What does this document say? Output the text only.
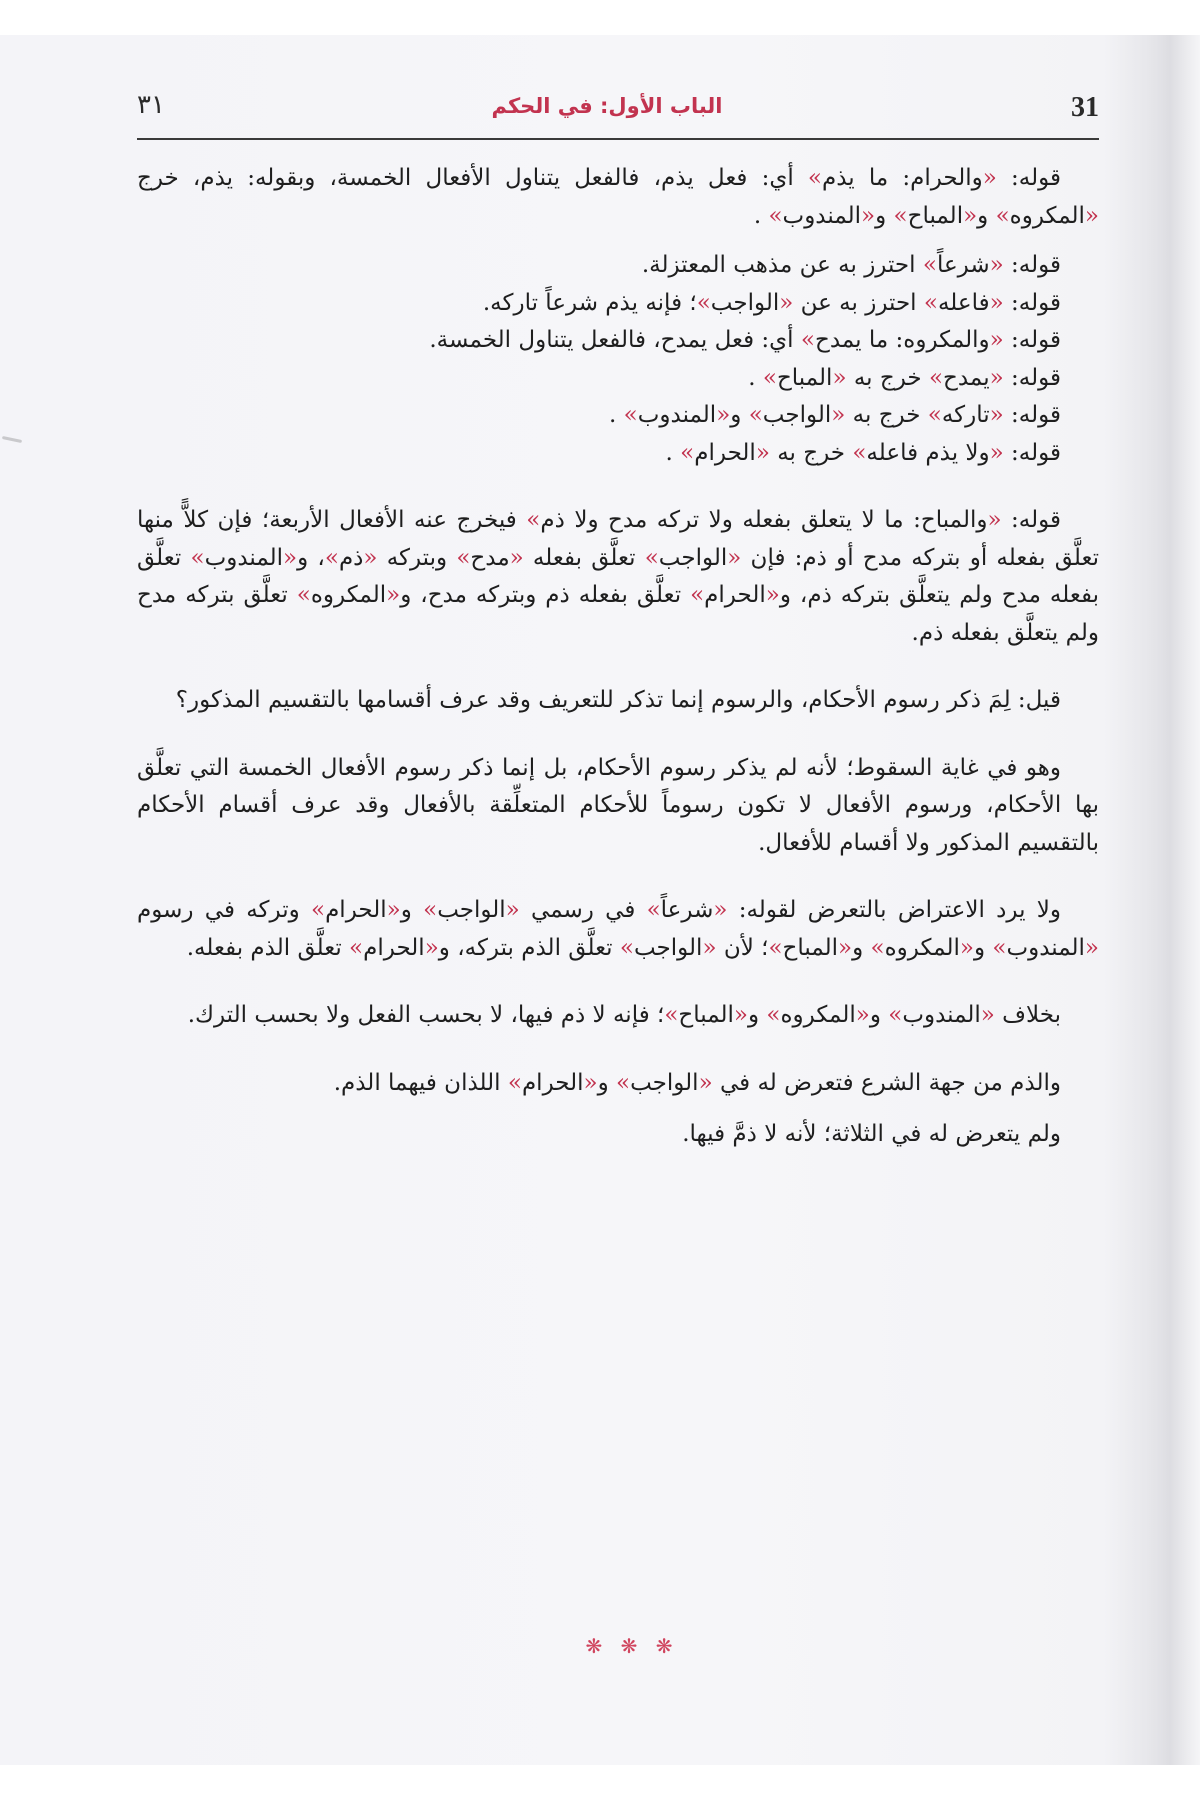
31
الباب الأول: في الحكم
٣١

قوله: «والحرام: ما يذم» أي: فعل يذم، فالفعل يتناول الأفعال الخمسة، وبقوله: يذم، خرج «المكروه» و«المباح» و«المندوب» .

قوله: «شرعاً» احترز به عن مذهب المعتزلة.

قوله: «فاعله» احترز به عن «الواجب»؛ فإنه يذم شرعاً تاركه.

قوله: «والمكروه: ما يمدح» أي: فعل يمدح، فالفعل يتناول الخمسة.

قوله: «يمدح» خرج به «المباح» .

قوله: «تاركه» خرج به «الواجب» و«المندوب» .

قوله: «ولا يذم فاعله» خرج به «الحرام» .

قوله: «والمباح: ما لا يتعلق بفعله ولا تركه مدح ولا ذم» فيخرج عنه الأفعال الأربعة؛ فإن كلاًّ منها تعلَّق بفعله أو بتركه مدح أو ذم: فإن «الواجب» تعلَّق بفعله «مدح» وبتركه «ذم»، و«المندوب» تعلَّق بفعله مدح ولم يتعلَّق بتركه ذم، و«الحرام» تعلَّق بفعله ذم وبتركه مدح، و«المكروه» تعلَّق بتركه مدح ولم يتعلَّق بفعله ذم.

قيل: لِمَ ذكر رسوم الأحكام، والرسوم إنما تذكر للتعريف وقد عرف أقسامها بالتقسيم المذكور؟

وهو في غاية السقوط؛ لأنه لم يذكر رسوم الأحكام، بل إنما ذكر رسوم الأفعال الخمسة التي تعلَّق بها الأحكام، ورسوم الأفعال لا تكون رسوماً للأحكام المتعلِّقة بالأفعال وقد عرف أقسام الأحكام بالتقسيم المذكور ولا أقسام للأفعال.

ولا يرد الاعتراض بالتعرض لقوله: «شرعاً» في رسمي «الواجب» و«الحرام» وتركه في رسوم «المندوب» و«المكروه» و«المباح»؛ لأن «الواجب» تعلَّق الذم بتركه، و«الحرام» تعلَّق الذم بفعله.

بخلاف «المندوب» و«المكروه» و«المباح»؛ فإنه لا ذم فيها، لا بحسب الفعل ولا بحسب الترك.

والذم من جهة الشرع فتعرض له في «الواجب» و«الحرام» اللذان فيهما الذم.

ولم يتعرض له في الثلاثة؛ لأنه لا ذمَّ فيها.

❋ ❋ ❋
